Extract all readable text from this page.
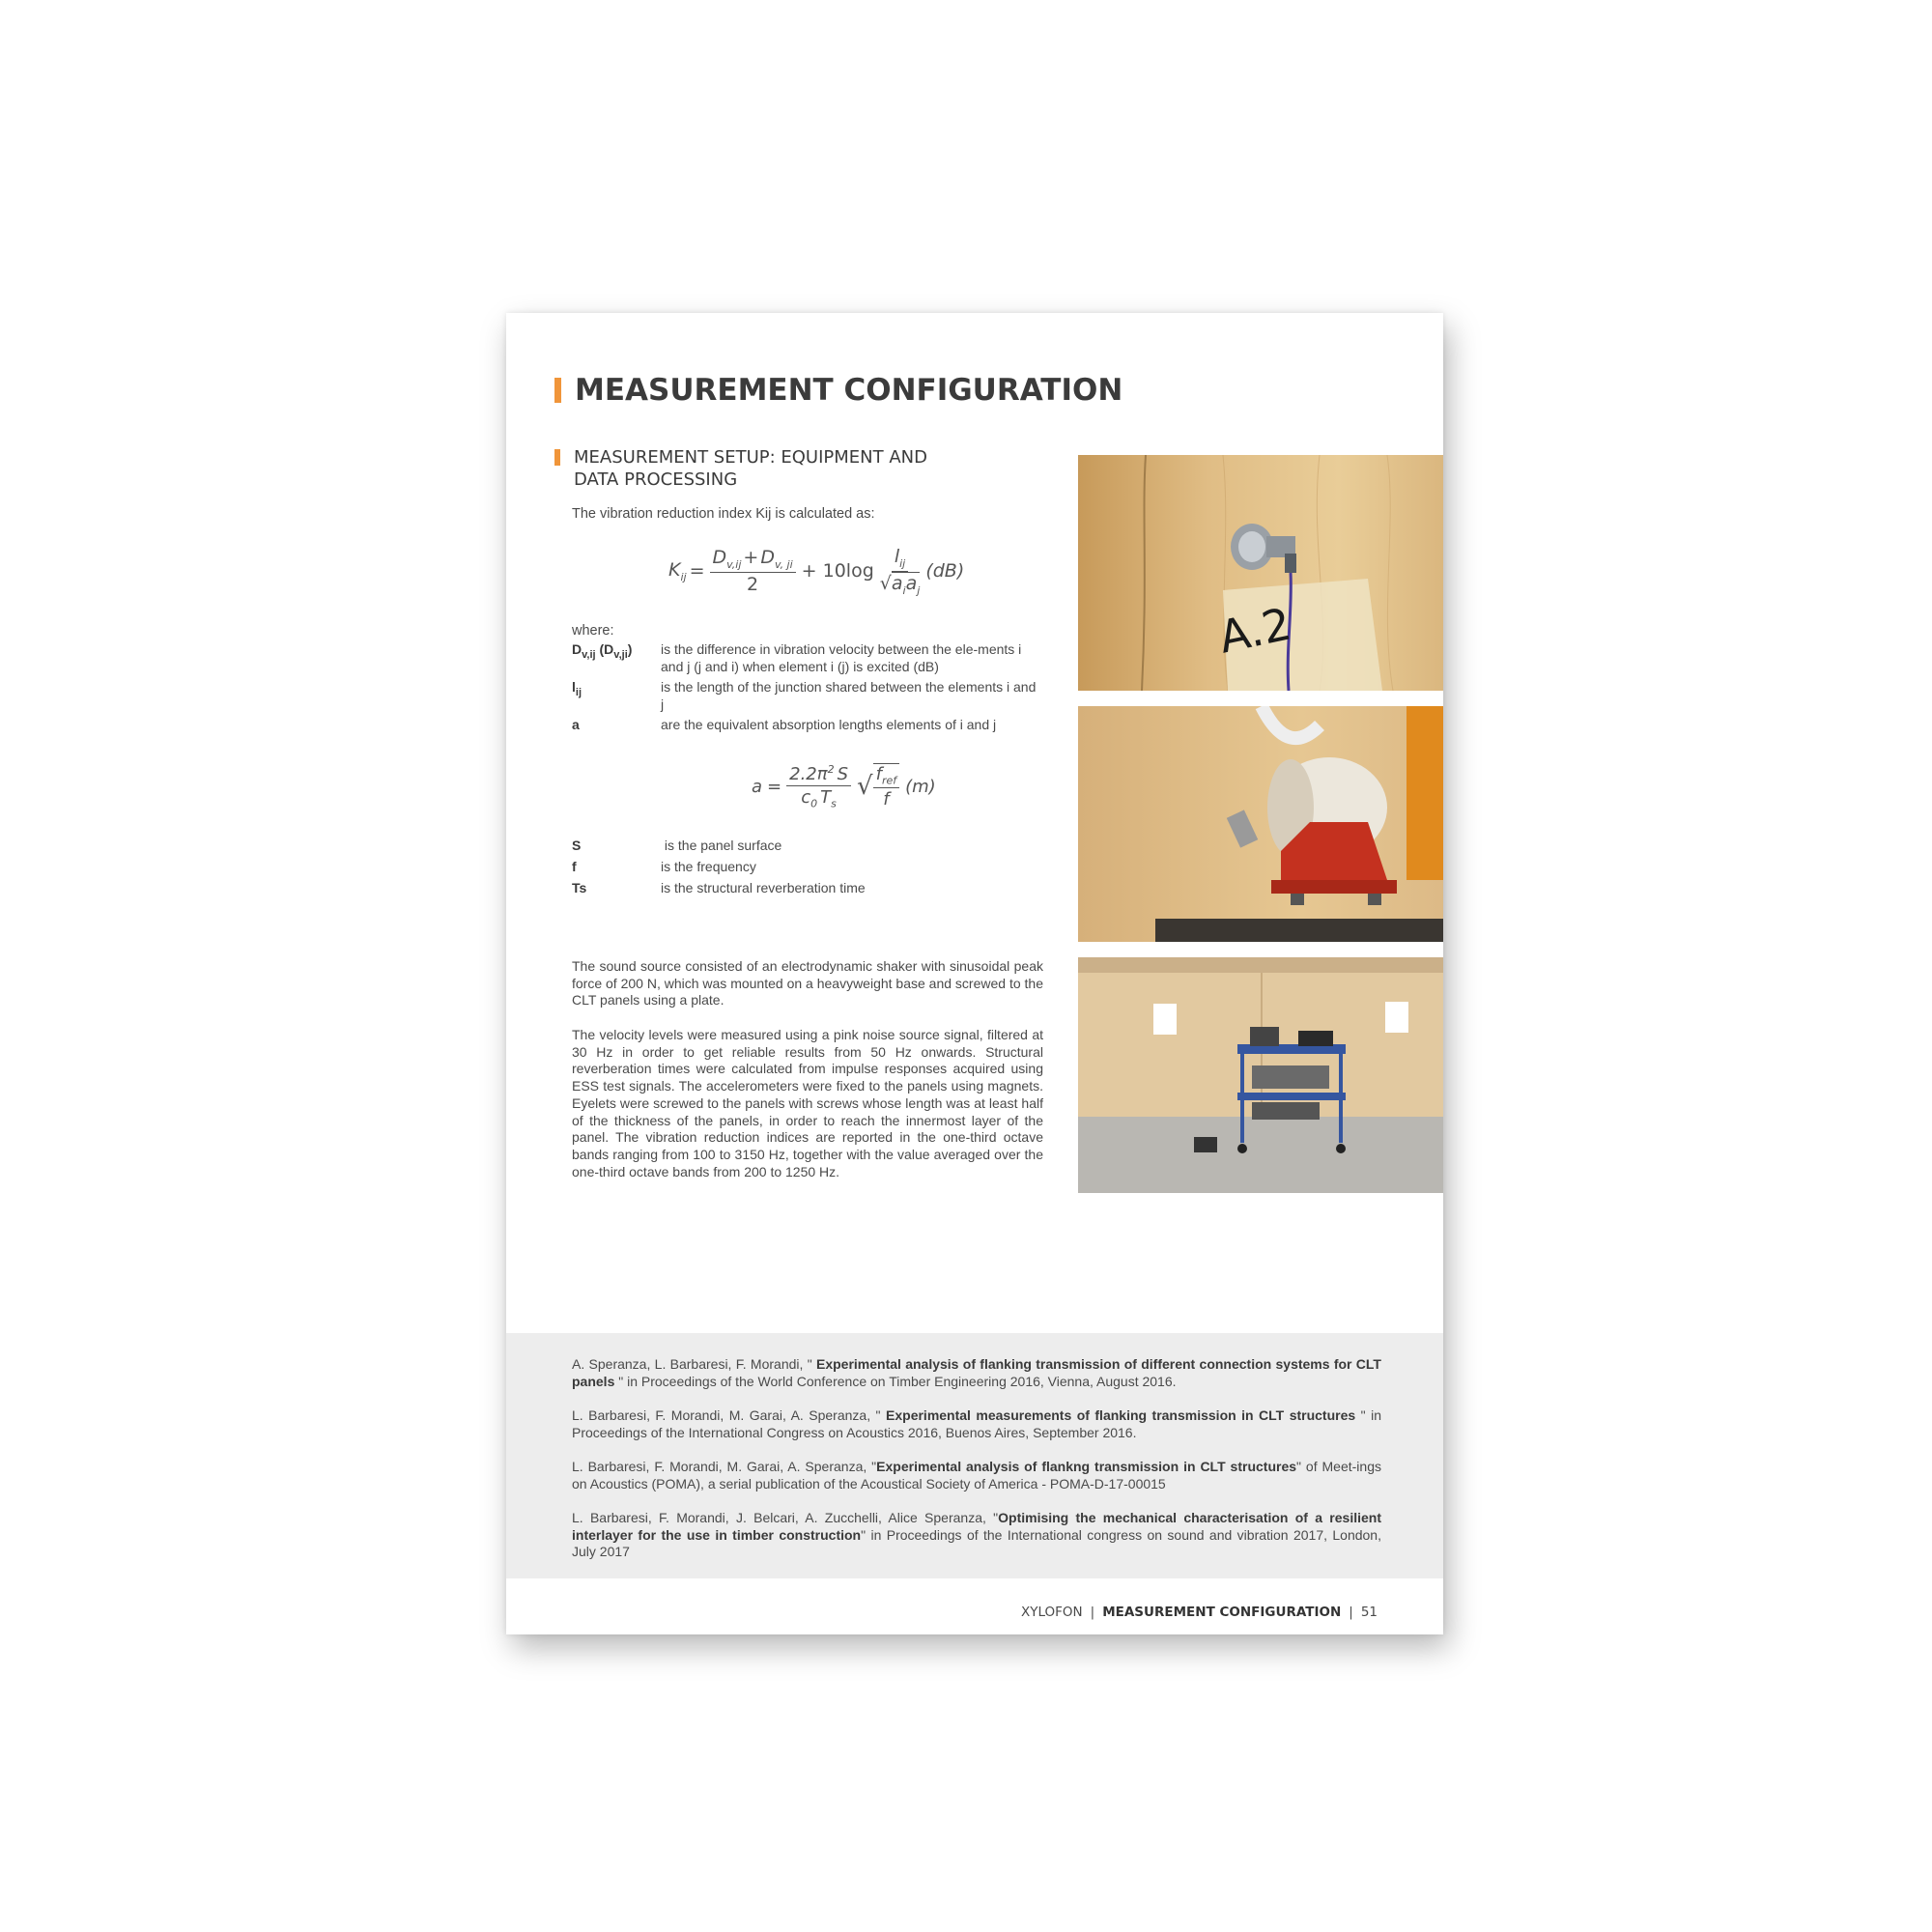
MEASUREMENT CONFIGURATION
MEASUREMENT SETUP: EQUIPMENT AND DATA PROCESSING
The vibration reduction index Kij is calculated as:
$K_{ij} = \frac{D_{v,ij} + D_{v, ji}}{2} + 10\log \frac{l_{ij}}{√a_ia_j} (dB)$
where:
$D_{v,ij}$ $(D_{v,ji})$	is the difference in vibration velocity between the ele-ments i and j (j and i) when element i (j) is excited (dB)
$l_{ij}$	is the length of the junction shared between the elements i and j
a	are the equivalent absorption lengths elements of i and j
$a = \frac{2.2\pi^2 S}{c_0 T_s}$ √ $\frac{f_{ref}}{f} (m)$
S	is the panel surface
f	is the frequency
Ts	is the structural reverberation time
The sound source consisted of an electrodynamic shaker with sinusoidal peak force of 200 N, which was mounted on a heavyweight base and screwed to the CLT panels using a plate.
The velocity levels were measured using a pink noise source signal, filtered at 30 Hz in order to get reliable results from 50 Hz onwards. Structural reverberation times were calculated from impulse responses acquired using ESS test signals. The accelerometers were fixed to the panels using magnets. Eyelets were screwed to the panels with screws whose length was at least half of the thickness of the panels, in order to reach the innermost layer of the panel. The vibration reduction indices are reported in the one-third octave bands ranging from 100 to 3150 Hz, together with the value averaged over the one-third octave bands from 200 to 1250 Hz.
A.2
A. Speranza, L. Barbaresi, F. Morandi, " Experimental analysis of flanking transmission of different connection systems for CLT panels " in Proceedings of the World Conference on Timber Engineering 2016, Vienna, August 2016.
L. Barbaresi, F. Morandi, M. Garai, A. Speranza, " Experimental measurements of flanking transmission in CLT structures " in Proceedings of the International Congress on Acoustics 2016, Buenos Aires, September 2016.
L. Barbaresi, F. Morandi, M. Garai, A. Speranza, "Experimental analysis of flankng transmission in CLT structures" of Meet-ings on Acoustics (POMA), a serial publication of the Acoustical Society of America - POMA-D-17-00015
L. Barbaresi, F. Morandi, J. Belcari, A. Zucchelli, Alice Speranza, "Optimising the mechanical characterisation of a resilient interlayer for the use in timber construction" in Proceedings of the International congress on sound and vibration 2017, London, July 2017
XYLOFON | MEASUREMENT CONFIGURATION | 51
